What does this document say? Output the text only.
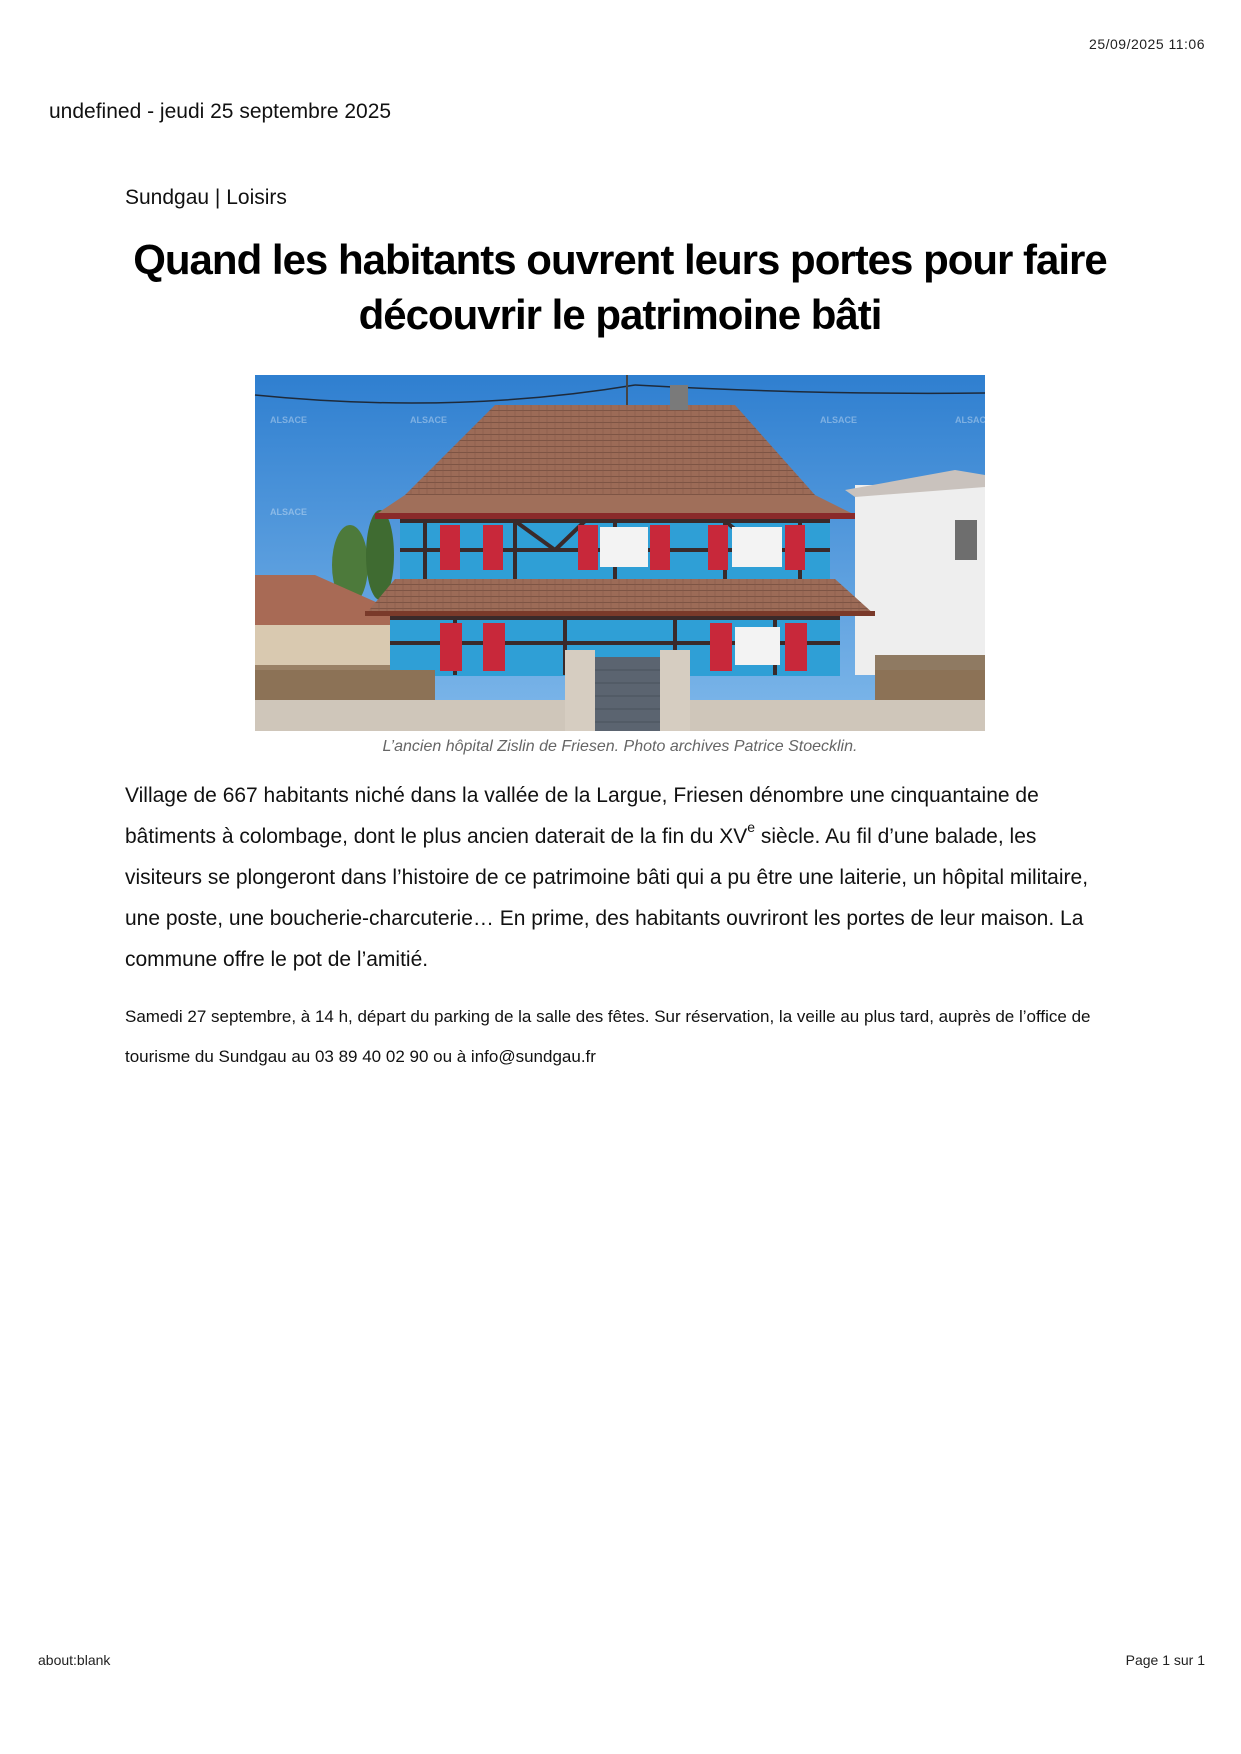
25/09/2025 11:06
undefined - jeudi 25 septembre 2025
Sundgau | Loisirs
Quand les habitants ouvrent leurs portes pour faire découvrir le patrimoine bâti
ALSACE	ALSACE	ALSACE	ALSACE
ALSACE
L’ancien hôpital Zislin de Friesen. Photo archives Patrice Stoecklin.

Village de 667 habitants niché dans la vallée de la Largue, Friesen dénombre une cinquantaine de bâtiments à colombage, dont le plus ancien daterait de la fin du XVe siècle. Au fil d’une balade, les visiteurs se plongeront dans l’histoire de ce patrimoine bâti qui a pu être une laiterie, un hôpital militaire, une poste, une boucherie-charcuterie… En prime, des habitants ouvriront les portes de leur maison. La commune offre le pot de l’amitié.

Samedi 27 septembre, à 14 h, départ du parking de la salle des fêtes. Sur réservation, la veille au plus tard, auprès de l’office de tourisme du Sundgau au 03 89 40 02 90 ou à info@sundgau.fr

about:blank	Page 1 sur 1
